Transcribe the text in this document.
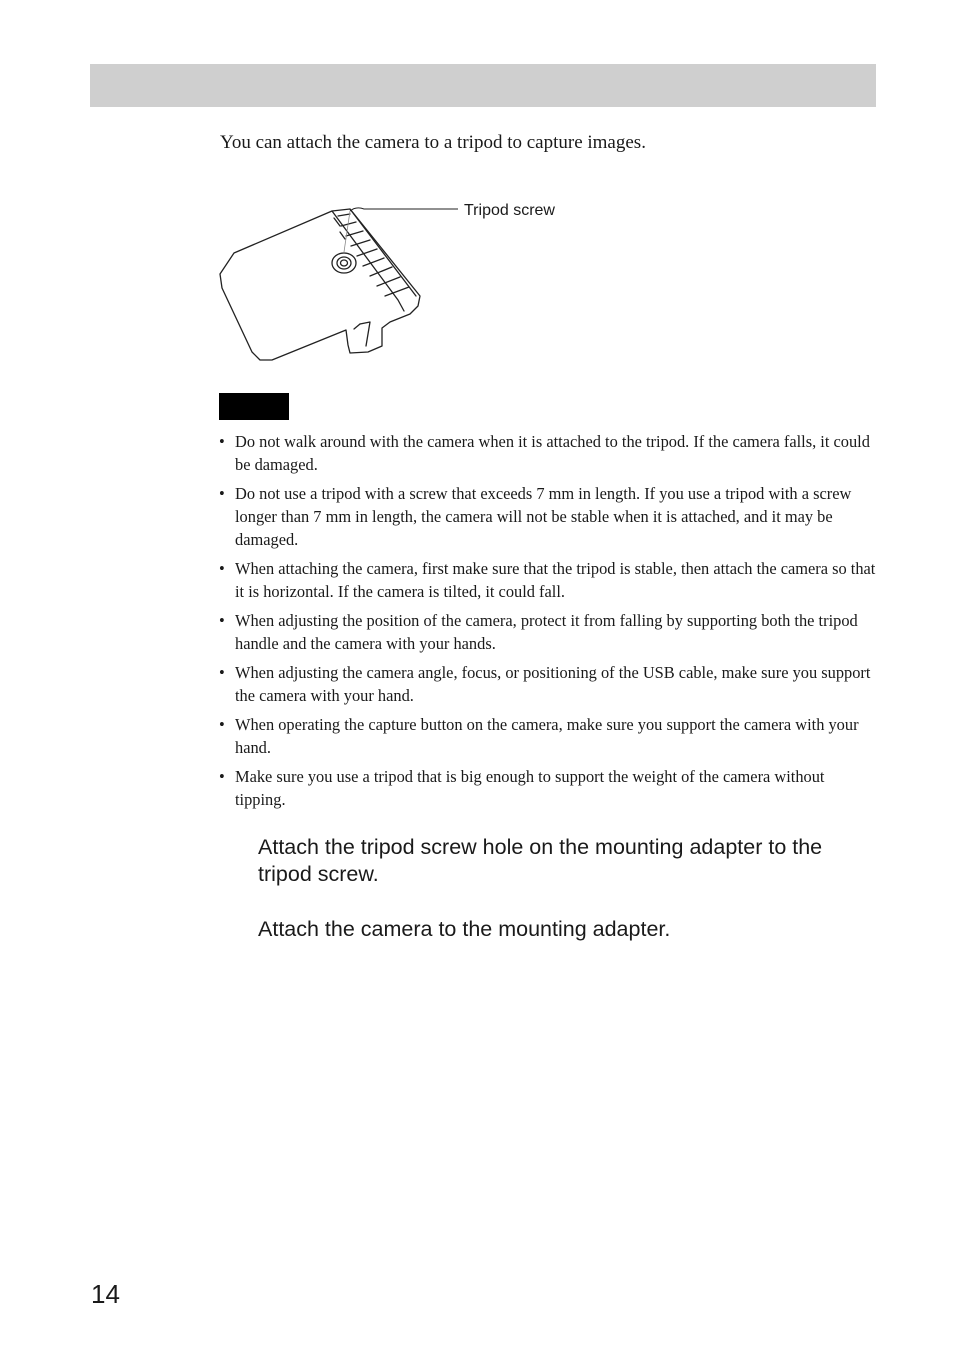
You can attach the camera to a tripod to capture images.

Tripod screw
• Do not walk around with the camera when it is attached to the tripod. If the camera falls, it could be damaged.
• Do not use a tripod with a screw that exceeds 7 mm in length. If you use a tripod with a screw longer than 7 mm in length, the camera will not be stable when it is attached, and it may be damaged.
• When attaching the camera, first make sure that the tripod is stable, then attach the camera so that it is horizontal. If the camera is tilted, it could fall.
• When adjusting the position of the camera, protect it from falling by supporting both the tripod handle and the camera with your hands.
• When adjusting the camera angle, focus, or positioning of the USB cable, make sure you support the camera with your hand.
• When operating the capture button on the camera, make sure you support the camera with your hand.
• Make sure you use a tripod that is big enough to support the weight of the camera without tipping.
Attach the tripod screw hole on the mounting adapter to the tripod screw.
Attach the camera to the mounting adapter.
14
